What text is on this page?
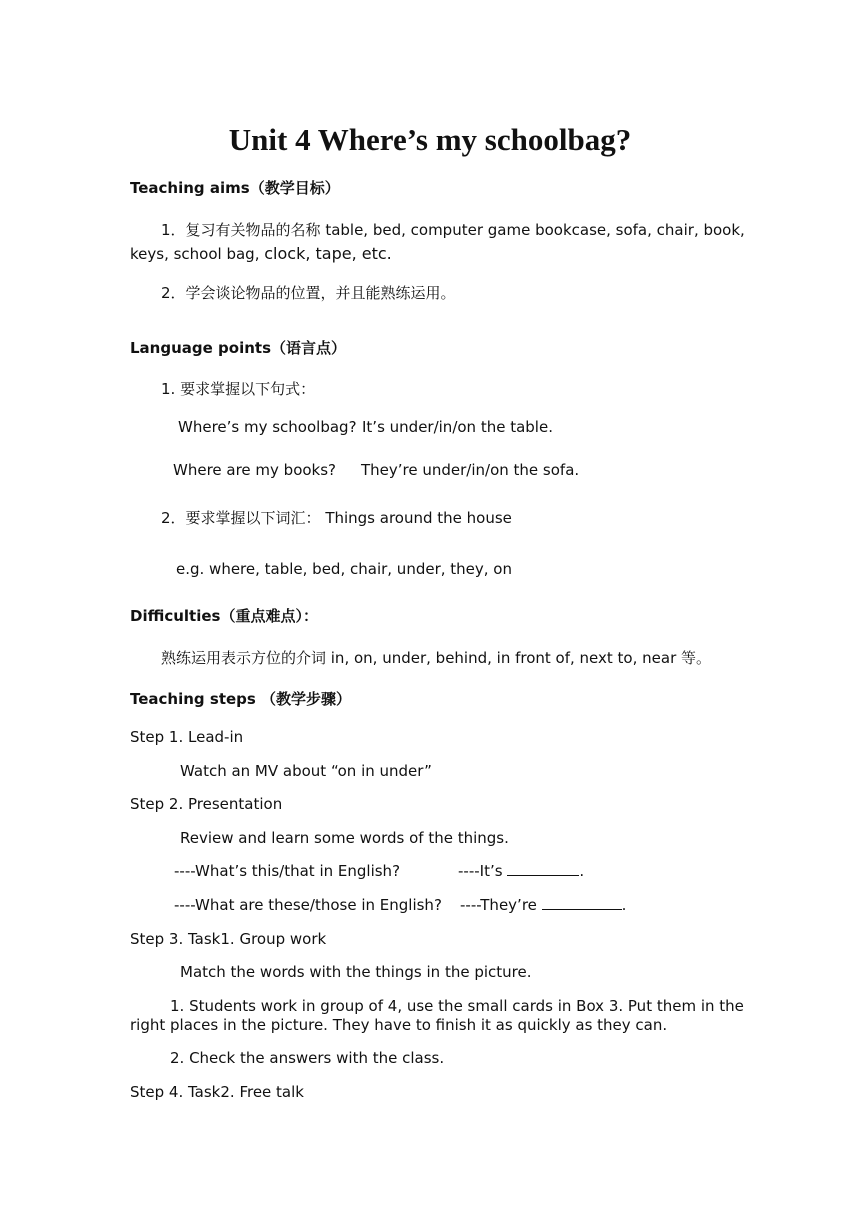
Unit 4 Where’s my schoolbag?
Teaching aims（教学目标）
1．复习有关物品的名称 table, bed, computer game bookcase, sofa, chair, book,
keys, school bag, clock, tape, etc.
2．学会谈论物品的位置，并且能熟练运用。
Language points（语言点）
1. 要求掌握以下句式：
Where’s my schoolbag? It’s under/in/on the table.
Where are my books? They’re under/in/on the sofa.
2．要求掌握以下词汇： Things around the house
e.g. where, table, bed, chair, under, they, on
Difficulties（重点难点）：
熟练运用表示方位的介词 in, on, under, behind, in front of, next to, near 等。
Teaching steps （教学步骤）
Step 1. Lead-in
Watch an MV about “on in under”
Step 2. Presentation
Review and learn some words of the things.
----What’s this/that in English?	----It’s	.
----What are these/those in English? ----They’re	.
Step 3. Task1. Group work
Match the words with the things in the picture.
1. Students work in group of 4, use the small cards in Box 3. Put them in the
right places in the picture. They have to finish it as quickly as they can.
2. Check the answers with the class.
Step 4. Task2. Free talk
